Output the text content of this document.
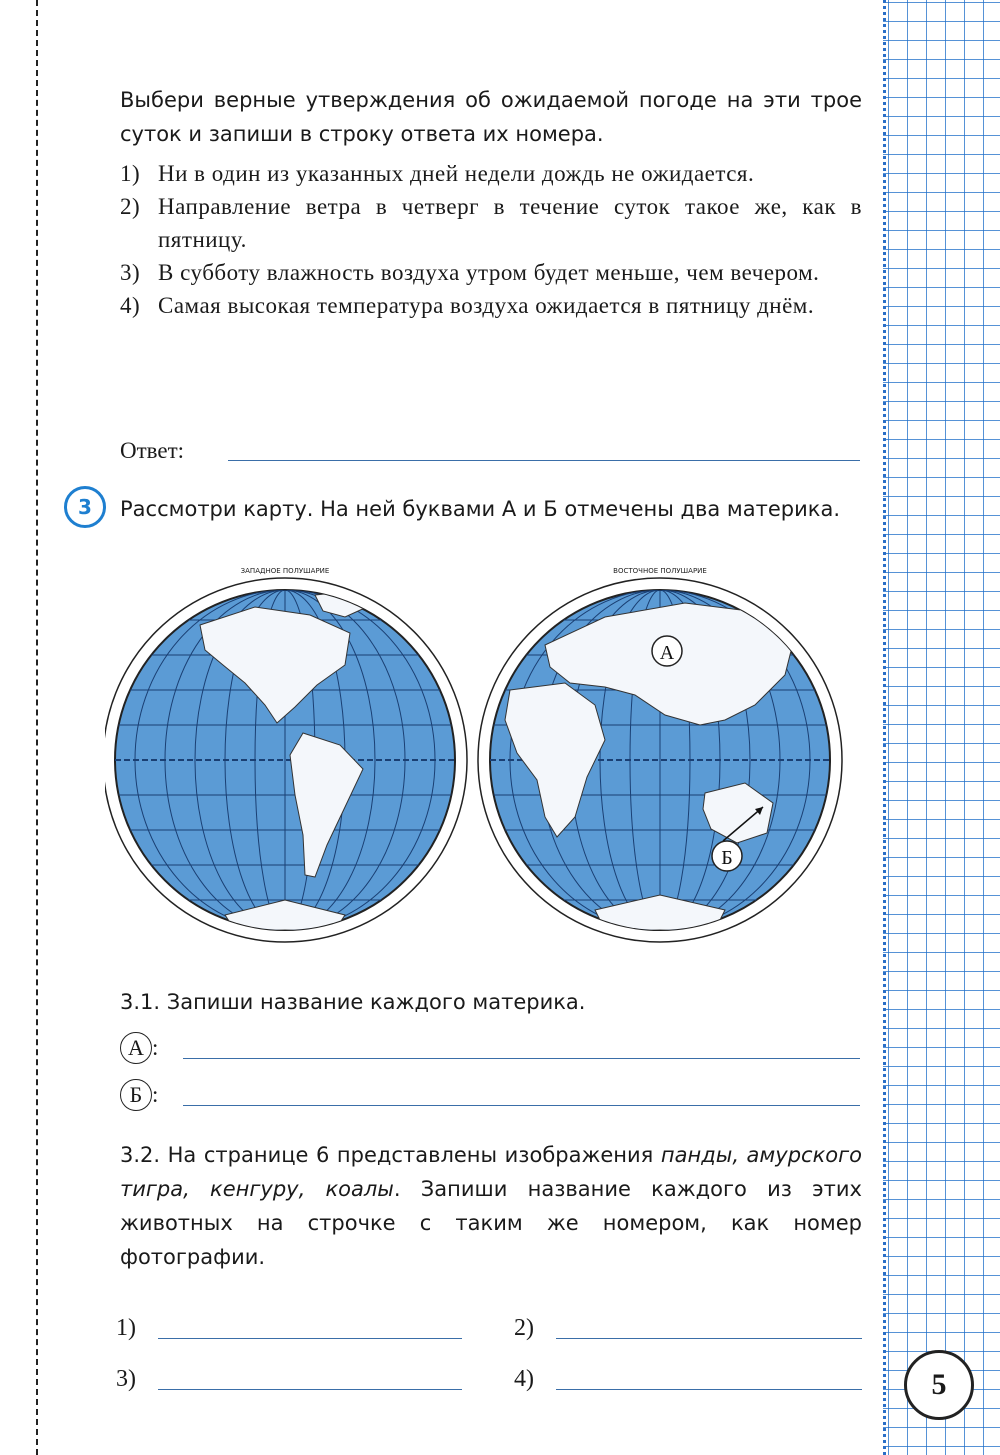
5
Выбери верные утверждения об ожидаемой погоде на эти трое суток и запиши в строку ответа их номера.
1) Ни в один из указанных дней недели дождь не ожидается.
2) Направление ветра в четверг в течение суток такое же, как в пятницу.
3) В субботу влажность воздуха утром будет меньше, чем вечером.
4) Самая высокая температура воздуха ожидается в пятницу днём.
Ответ:
3	Рассмотри карту. На ней буквами А и Б отмечены два материка.
ЗАПАДНОЕ ПОЛУШАРИЕ	ВОСТОЧНОЕ ПОЛУШАРИЕ
А
Б
3.1. Запиши название каждого материка.
А :
Б :
3.2. На странице 6 представлены изображения панды, амурского тигра, кенгуру, коалы. Запиши название каждого из этих животных на строчке с таким же номером, как номер фотографии.
1)	2)
3)	4)
